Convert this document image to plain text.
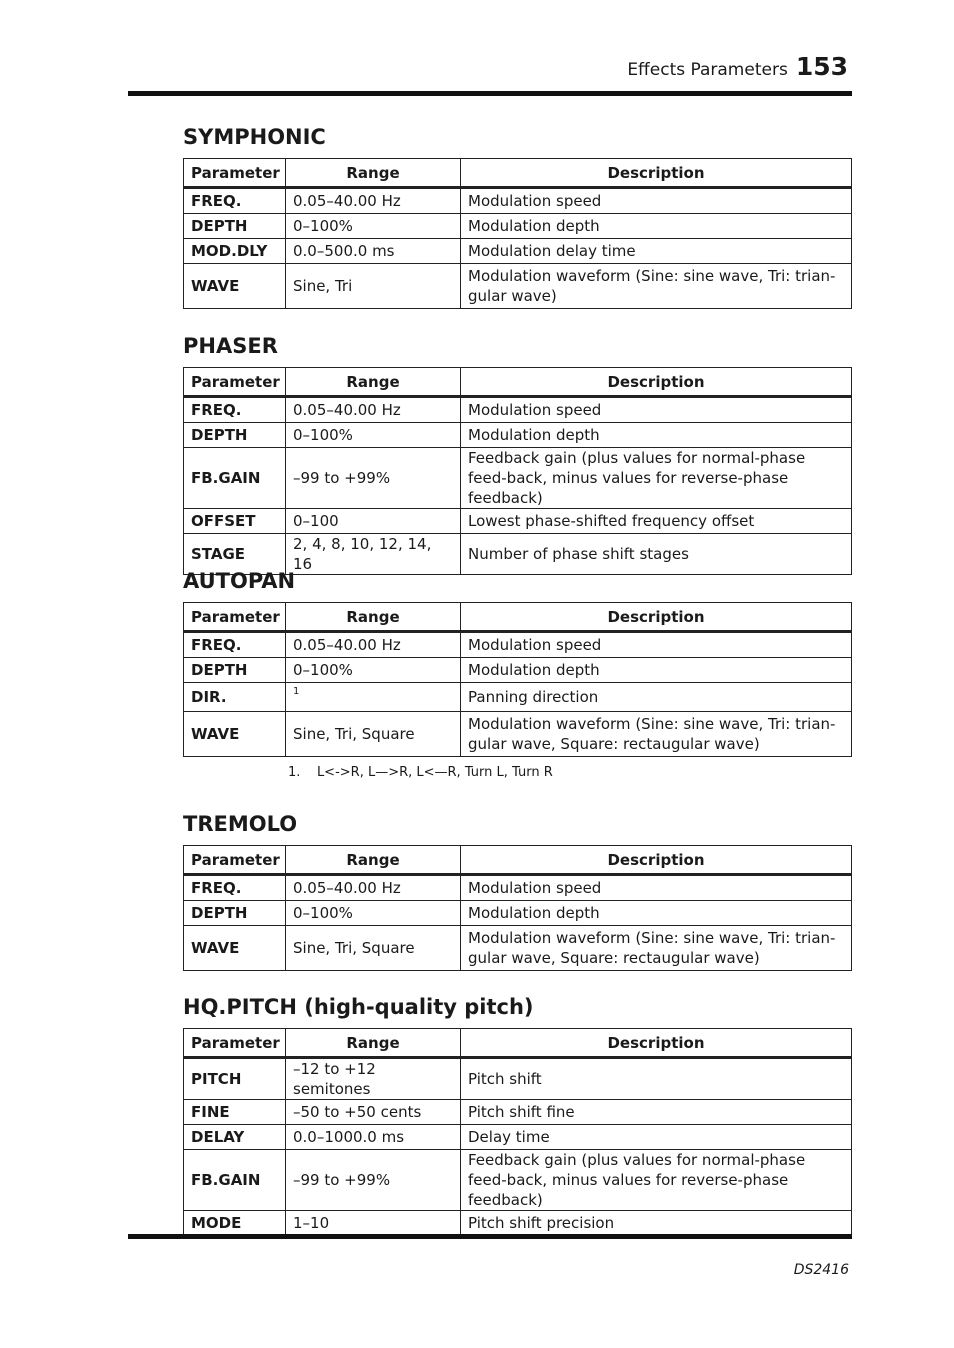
Effects Parameters 153
SYMPHONIC
Parameter	Range	Description
FREQ.	0.05–40.00 Hz	Modulation speed
DEPTH	0–100%	Modulation depth
MOD.DLY	0.0–500.0 ms	Modulation delay time
WAVE	Sine, Tri	Modulation waveform (Sine: sine wave, Tri: trian-gular wave)
PHASER
Parameter	Range	Description
FREQ.	0.05–40.00 Hz	Modulation speed
DEPTH	0–100%	Modulation depth
FB.GAIN	–99 to +99%	Feedback gain (plus values for normal-phase feed-back, minus values for reverse-phase feedback)
OFFSET	0–100	Lowest phase-shifted frequency offset
STAGE	2, 4, 8, 10, 12, 14, 16	Number of phase shift stages
AUTOPAN
Parameter	Range	Description
FREQ.	0.05–40.00 Hz	Modulation speed
DEPTH	0–100%	Modulation depth
DIR.	$^1$	Panning direction
WAVE	Sine, Tri, Square	Modulation waveform (Sine: sine wave, Tri: trian-gular wave, Square: rectaugular wave)
1. L<->R, L—>R, L<—R, Turn L, Turn R
TREMOLO
Parameter	Range	Description
FREQ.	0.05–40.00 Hz	Modulation speed
DEPTH	0–100%	Modulation depth
WAVE	Sine, Tri, Square	Modulation waveform (Sine: sine wave, Tri: trian-gular wave, Square: rectaugular wave)
HQ.PITCH (high-quality pitch)
Parameter	Range	Description
PITCH	–12 to +12 semitones	Pitch shift
FINE	–50 to +50 cents	Pitch shift fine
DELAY	0.0–1000.0 ms	Delay time
FB.GAIN	–99 to +99%	Feedback gain (plus values for normal-phase feed-back, minus values for reverse-phase feedback)
MODE	1–10	Pitch shift precision
DS2416
